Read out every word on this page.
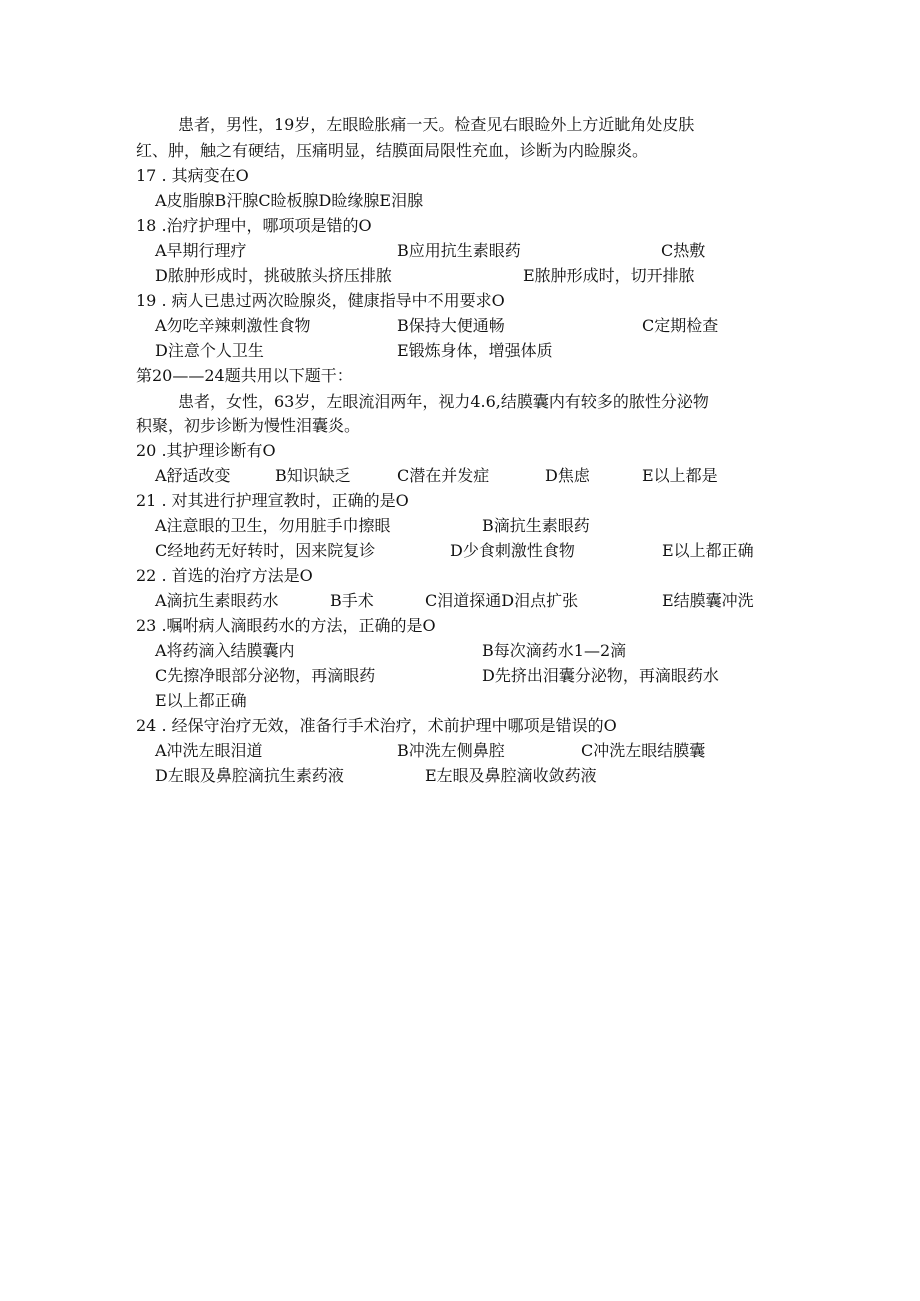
患者，男性，19岁，左眼睑胀痛一天。检查见右眼睑外上方近眦角处皮肤
红、肿，触之有硬结，压痛明显，结膜面局限性充血，诊断为内睑腺炎。
17 . 其病变在O
A皮脂腺B汗腺C睑板腺D睑缘腺E泪腺
18 .治疗护理中，哪项项是错的O
A早期行理疗	B应用抗生素眼药	C热敷
D脓肿形成时，挑破脓头挤压排脓	E脓肿形成时，切开排脓
19 . 病人已患过两次睑腺炎，健康指导中不用要求O
A勿吃辛辣刺激性食物	B保持大便通畅	C定期检查
D注意个人卫生	E锻炼身体，增强体质
第20——24题共用以下题干：
患者，女性，63岁，左眼流泪两年，视力4.6,结膜囊内有较多的脓性分泌物
积聚，初步诊断为慢性泪囊炎。
20 .其护理诊断有O
A舒适改变	B知识缺乏	C潜在并发症	D焦虑	E以上都是
21 . 对其进行护理宣教时，正确的是O
A注意眼的卫生，勿用脏手巾擦眼	B滴抗生素眼药
C经地药无好转时，因来院复诊	D少食刺激性食物	E以上都正确
22 . 首选的治疗方法是O
A滴抗生素眼药水	B手术	C泪道探通D泪点扩张	E结膜囊冲洗
23 .嘱咐病人滴眼药水的方法，正确的是O
A将药滴入结膜囊内	B每次滴药水1—2滴
C先擦净眼部分泌物，再滴眼药	D先挤出泪囊分泌物，再滴眼药水
E以上都正确
24 . 经保守治疗无效，准备行手术治疗，术前护理中哪项是错误的O
A冲洗左眼泪道	B冲洗左侧鼻腔	C冲洗左眼结膜囊
D左眼及鼻腔滴抗生素药液	E左眼及鼻腔滴收敛药液
